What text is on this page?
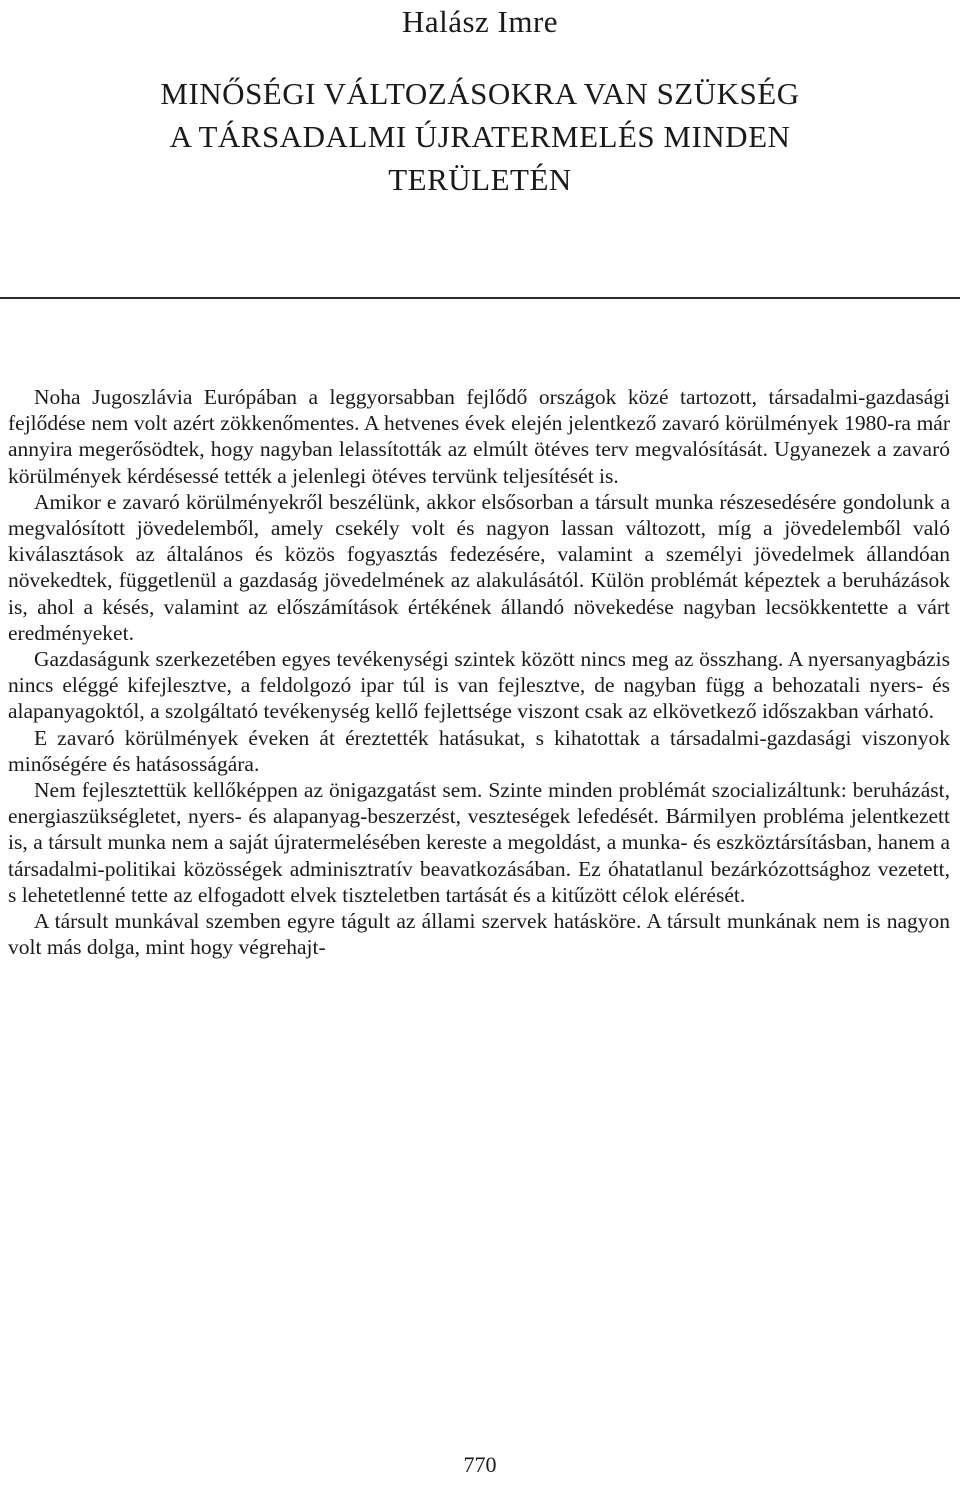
Halász Imre
MINŐSÉGI VÁLTOZÁSOKRA VAN SZÜKSÉG
A TÁRSADALMI ÚJRATERMELÉS MINDEN
TERÜLETÉN

Noha Jugoszlávia Európában a leggyorsabban fejlődő országok közé tartozott, társadalmi-gazdasági fejlődése nem volt azért zökkenőmentes. A hetvenes évek elején jelentkező zavaró körülmények 1980-ra már annyira megerősödtek, hogy nagyban lelassították az elmúlt ötéves terv megvalósítását. Ugyanezek a zavaró körülmények kérdésessé tették a jelenlegi ötéves tervünk teljesítését is.

Amikor e zavaró körülményekről beszélünk, akkor elsősorban a társult munka részesedésére gondolunk a megvalósított jövedelemből, amely csekély volt és nagyon lassan változott, míg a jövedelemből való kiválasztások az általános és közös fogyasztás fedezésére, valamint a személyi jövedelmek állandóan növekedtek, függetlenül a gazdaság jövedelmének az alakulásától. Külön problémát képeztek a beruházások is, ahol a késés, valamint az előszámítások értékének állandó növekedése nagyban lecsökkentette a várt eredményeket.

Gazdaságunk szerkezetében egyes tevékenységi szintek között nincs meg az összhang. A nyersanyagbázis nincs eléggé kifejlesztve, a feldolgozó ipar túl is van fejlesztve, de nagyban függ a behozatali nyers- és alapanyagoktól, a szolgáltató tevékenység kellő fejlettsége viszont csak az elkövetkező időszakban várható.

E zavaró körülmények éveken át éreztették hatásukat, s kihatottak a társadalmi-gazdasági viszonyok minőségére és hatásosságára.

Nem fejlesztettük kellőképpen az önigazgatást sem. Szinte minden problémát szocializáltunk: beruházást, energiaszükségletet, nyers- és alapanyag-beszerzést, veszteségek lefedését. Bármilyen probléma jelentkezett is, a társult munka nem a saját újratermelésében kereste a megoldást, a munka- és eszköztársításban, hanem a társadalmi-politikai közösségek adminisztratív beavatkozásában. Ez óhatatlanul bezárkózottsághoz vezetett, s lehetetlenné tette az elfogadott elvek tiszteletben tartását és a kitűzött célok elérését.

A társult munkával szemben egyre tágult az állami szervek hatásköre. A társult munkának nem is nagyon volt más dolga, mint hogy végrehajt-

770
